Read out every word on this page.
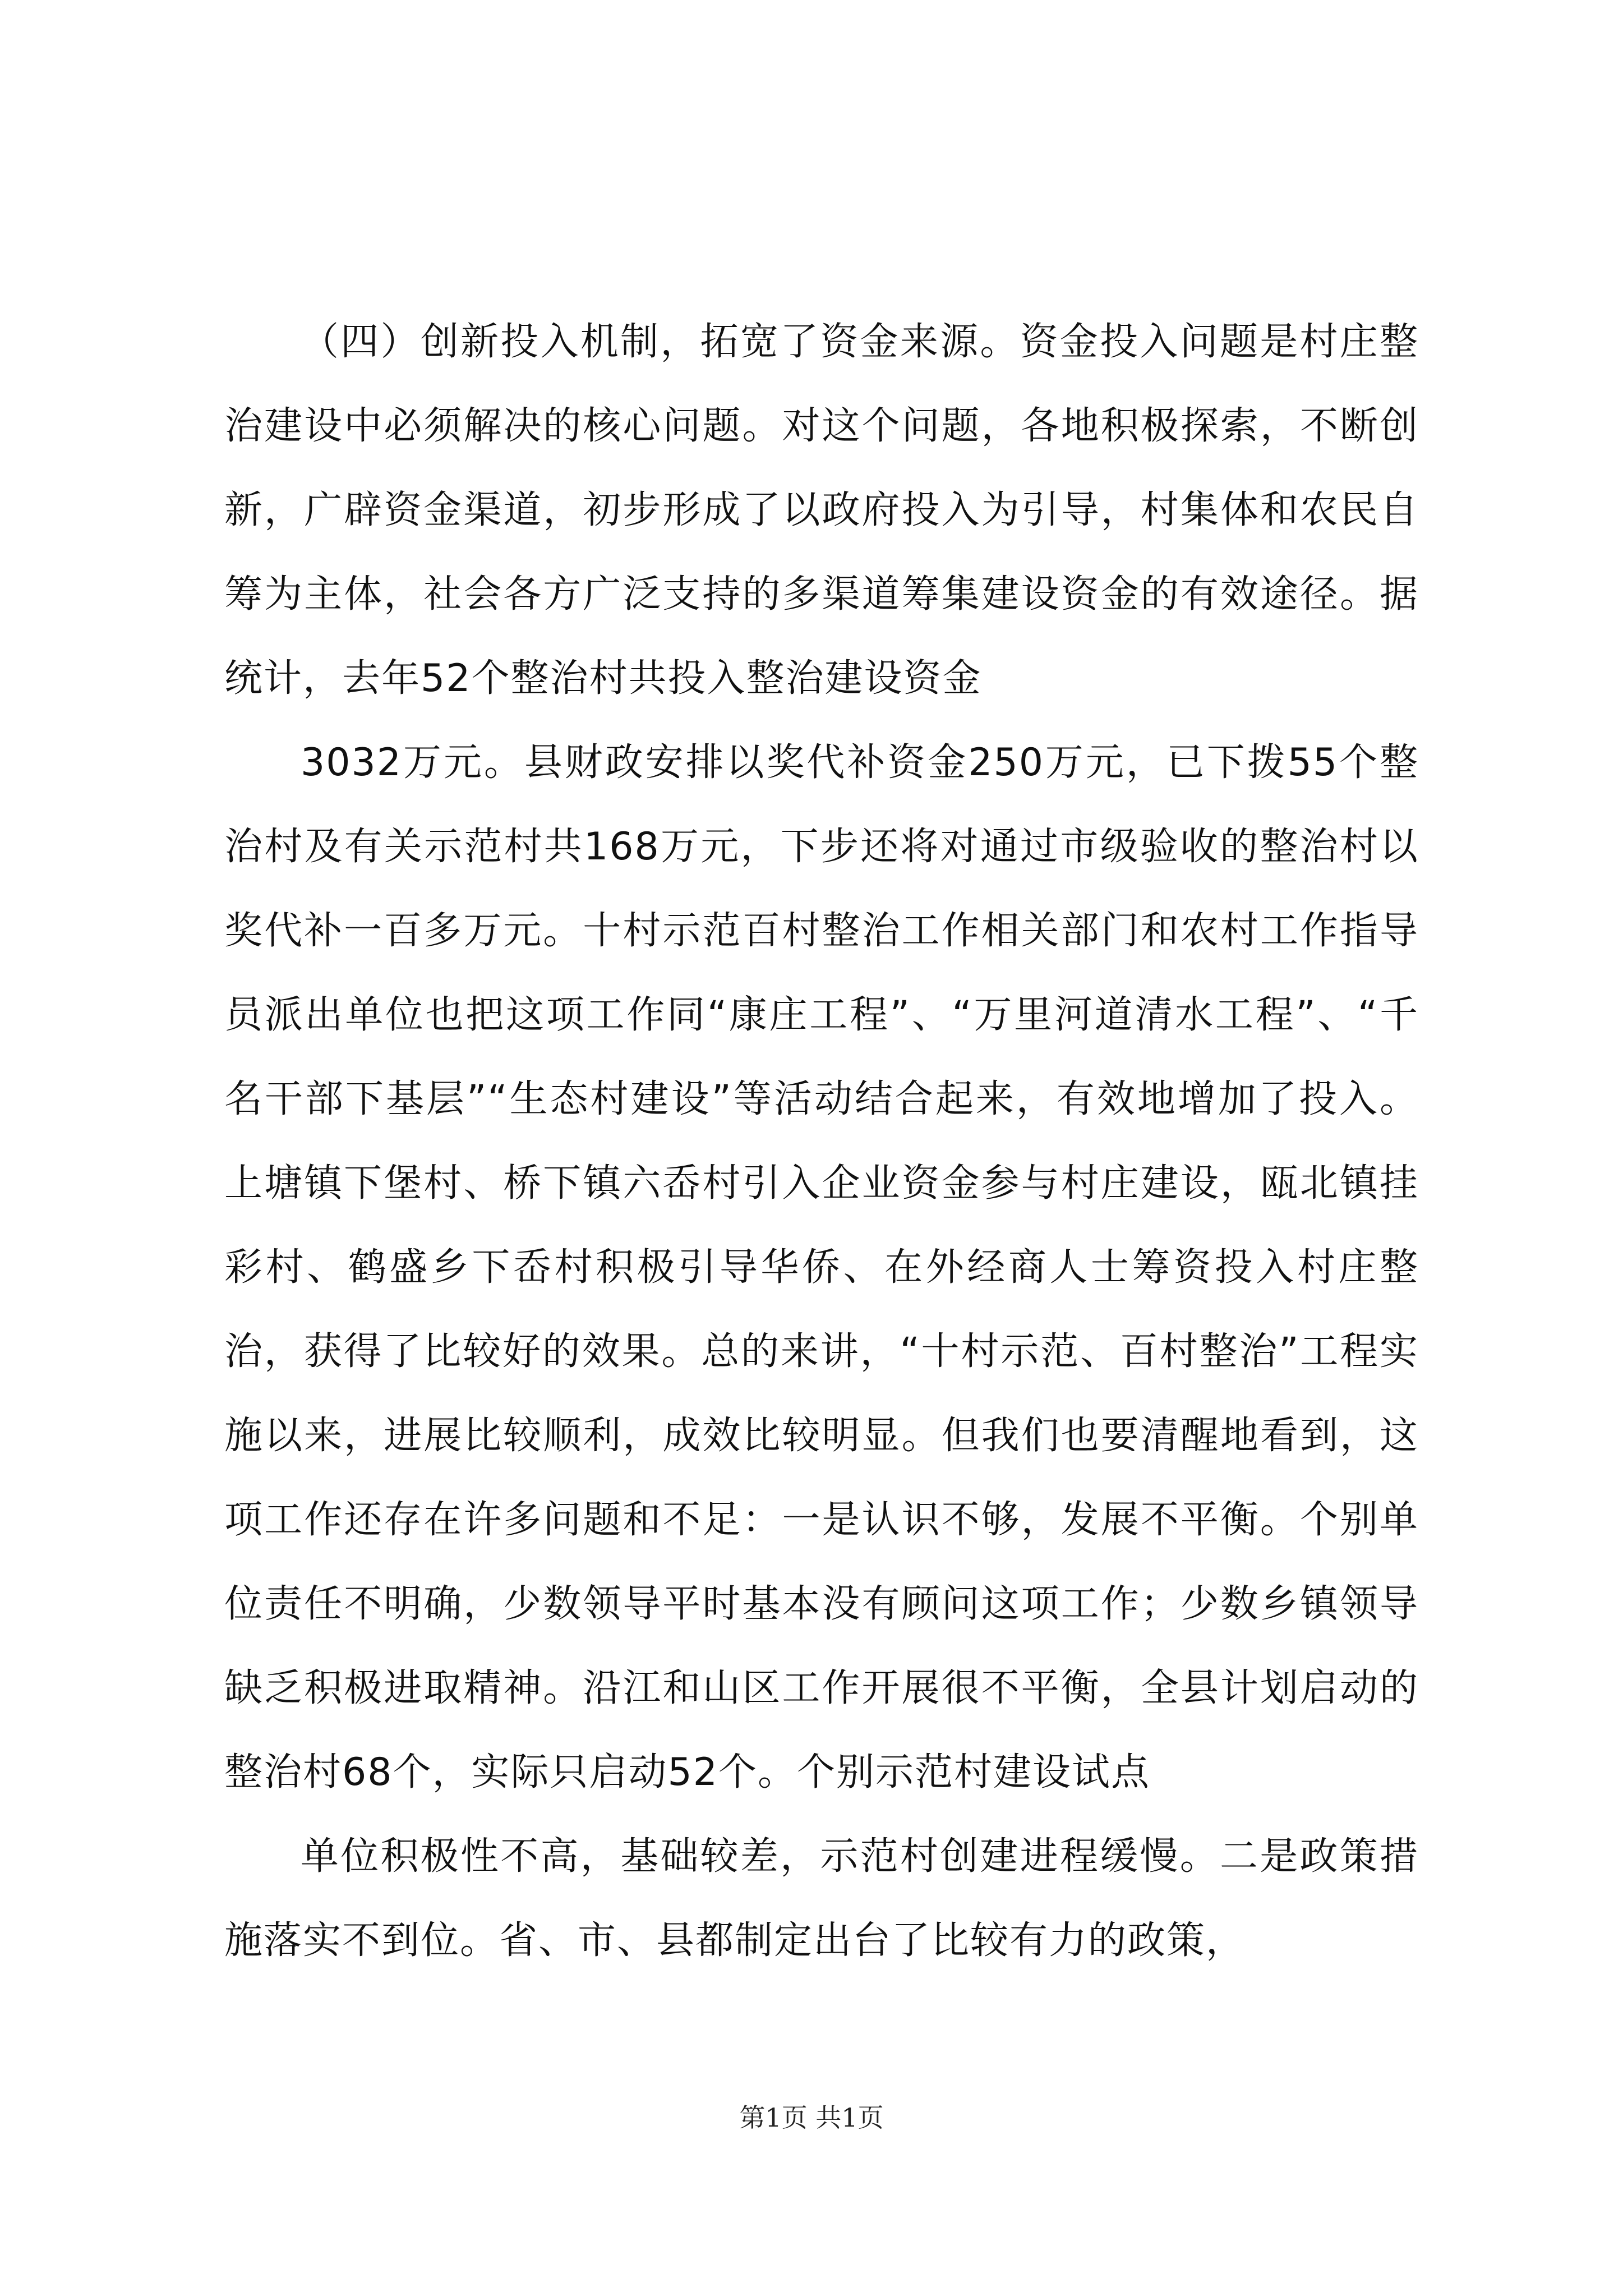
（四）创新投入机制，拓宽了资金来源。资金投入问题是村庄整治建设中必须解决的核心问题。对这个问题，各地积极探索，不断创新，广辟资金渠道，初步形成了以政府投入为引导，村集体和农民自筹为主体，社会各方广泛支持的多渠道筹集建设资金的有效途径。据统计，去年52个整治村共投入整治建设资金

3032万元。县财政安排以奖代补资金250万元，已下拨55个整治村及有关示范村共168万元，下步还将对通过市级验收的整治村以奖代补一百多万元。十村示范百村整治工作相关部门和农村工作指导员派出单位也把这项工作同“康庄工程”、“万里河道清水工程”、“千名干部下基层”“生态村建设”等活动结合起来，有效地增加了投入。上塘镇下堡村、桥下镇六岙村引入企业资金参与村庄建设，瓯北镇挂彩村、鹤盛乡下岙村积极引导华侨、在外经商人士筹资投入村庄整治，获得了比较好的效果。总的来讲，“十村示范、百村整治”工程实施以来，进展比较顺利，成效比较明显。但我们也要清醒地看到，这项工作还存在许多问题和不足：一是认识不够，发展不平衡。个别单位责任不明确，少数领导平时基本没有顾问这项工作；少数乡镇领导缺乏积极进取精神。沿江和山区工作开展很不平衡，全县计划启动的整治村68个，实际只启动52个。个别示范村建设试点

单位积极性不高，基础较差，示范村创建进程缓慢。二是政策措施落实不到位。省、市、县都制定出台了比较有力的政策，

第1页 共1页
